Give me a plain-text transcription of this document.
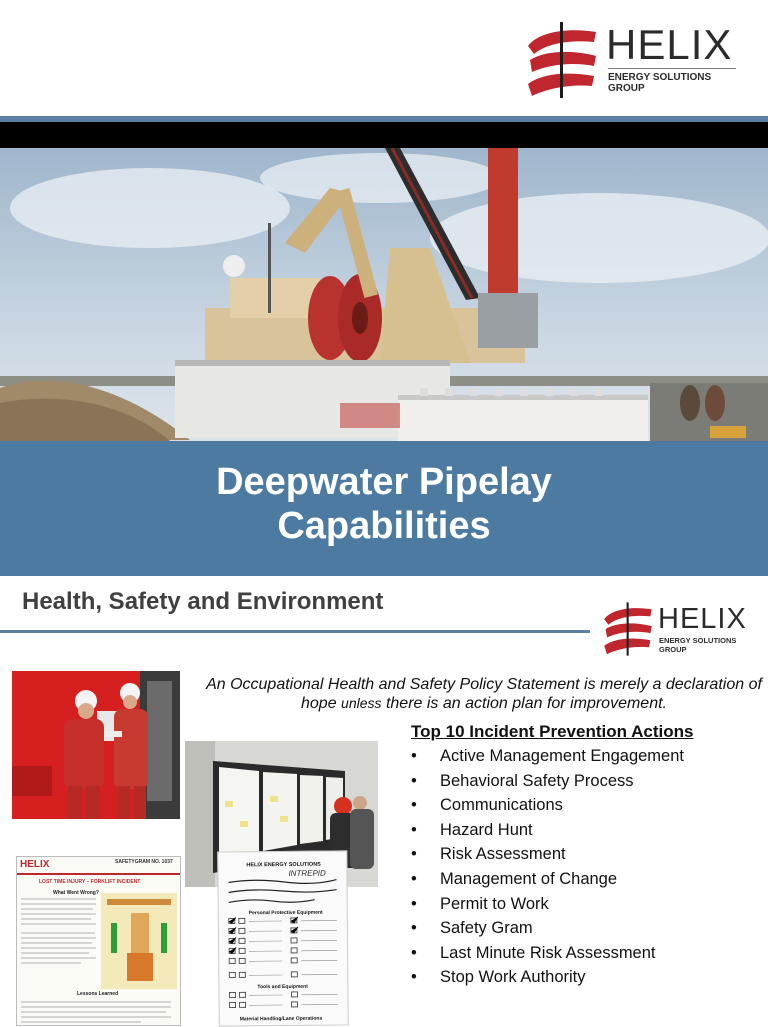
HELIX
ENERGY SOLUTIONS GROUP
Deepwater Pipelay
Capabilities
Health, Safety and Environment
HELIX
ENERGY SOLUTIONS GROUP
An Occupational Health and Safety Policy Statement is merely a declaration of hope unless there is an action plan for improvement.
Top 10 Incident Prevention Actions
• Active Management Engagement
• Behavioral Safety Process
• Communications
• Hazard Hunt
• Risk Assessment
• Management of Change
• Permit to Work
• Safety Gram
• Last Minute Risk Assessment
• Stop Work Authority
HELIX	SAFETYGRAM NO. 1037
LOST TIME INJURY – FORKLIFT INCIDENT
What Went Wrong?
Lessons Learned
HELIX ENERGY SOLUTIONS
INTREPID
Personal Protective Equipment
Tools and Equipment
Material Handling/Lane Operations
